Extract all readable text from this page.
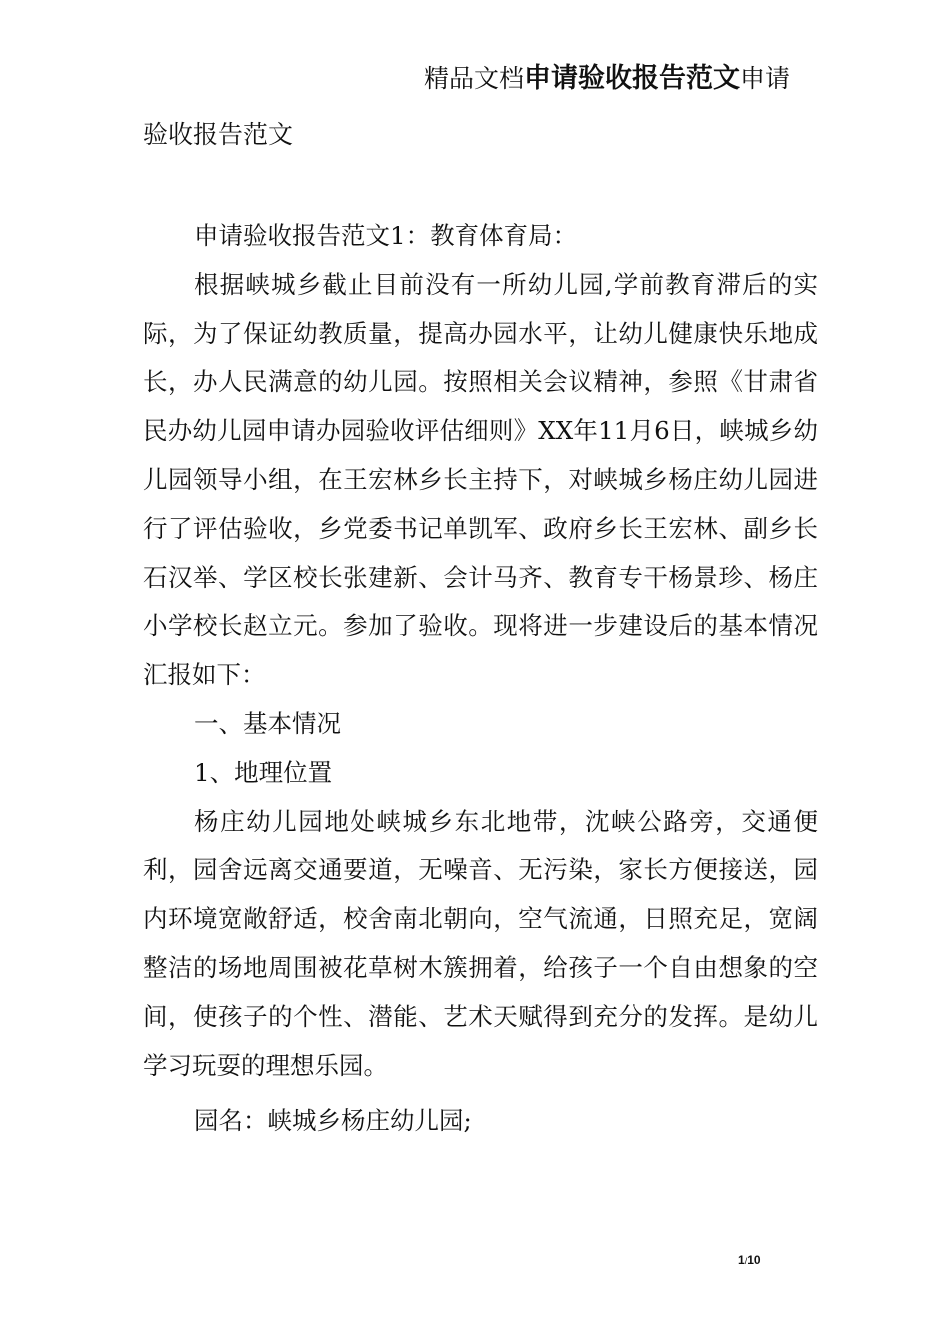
精品文档申请验收报告范文申请
验收报告范文

申请验收报告范文1：教育体育局：

根据峡城乡截止目前没有一所幼儿园,学前教育滞后的实际，为了保证幼教质量，提高办园水平，让幼儿健康快乐地成长，办人民满意的幼儿园。按照相关会议精神，参照《甘肃省民办幼儿园申请办园验收评估细则》XX年11月6日，峡城乡幼儿园领导小组，在王宏林乡长主持下，对峡城乡杨庄幼儿园进行了评估验收，乡党委书记单凯军、政府乡长王宏林、副乡长石汉举、学区校长张建新、会计马齐、教育专干杨景珍、杨庄小学校长赵立元。参加了验收。现将进一步建设后的基本情况汇报如下：

一、基本情况

1、地理位置

杨庄幼儿园地处峡城乡东北地带，沈峡公路旁，交通便利，园舍远离交通要道，无噪音、无污染，家长方便接送，园内环境宽敞舒适，校舍南北朝向，空气流通，日照充足，宽阔整洁的场地周围被花草树木簇拥着，给孩子一个自由想象的空间，使孩子的个性、潜能、艺术天赋得到充分的发挥。是幼儿学习玩耍的理想乐园。

园名：峡城乡杨庄幼儿园;

1/10
